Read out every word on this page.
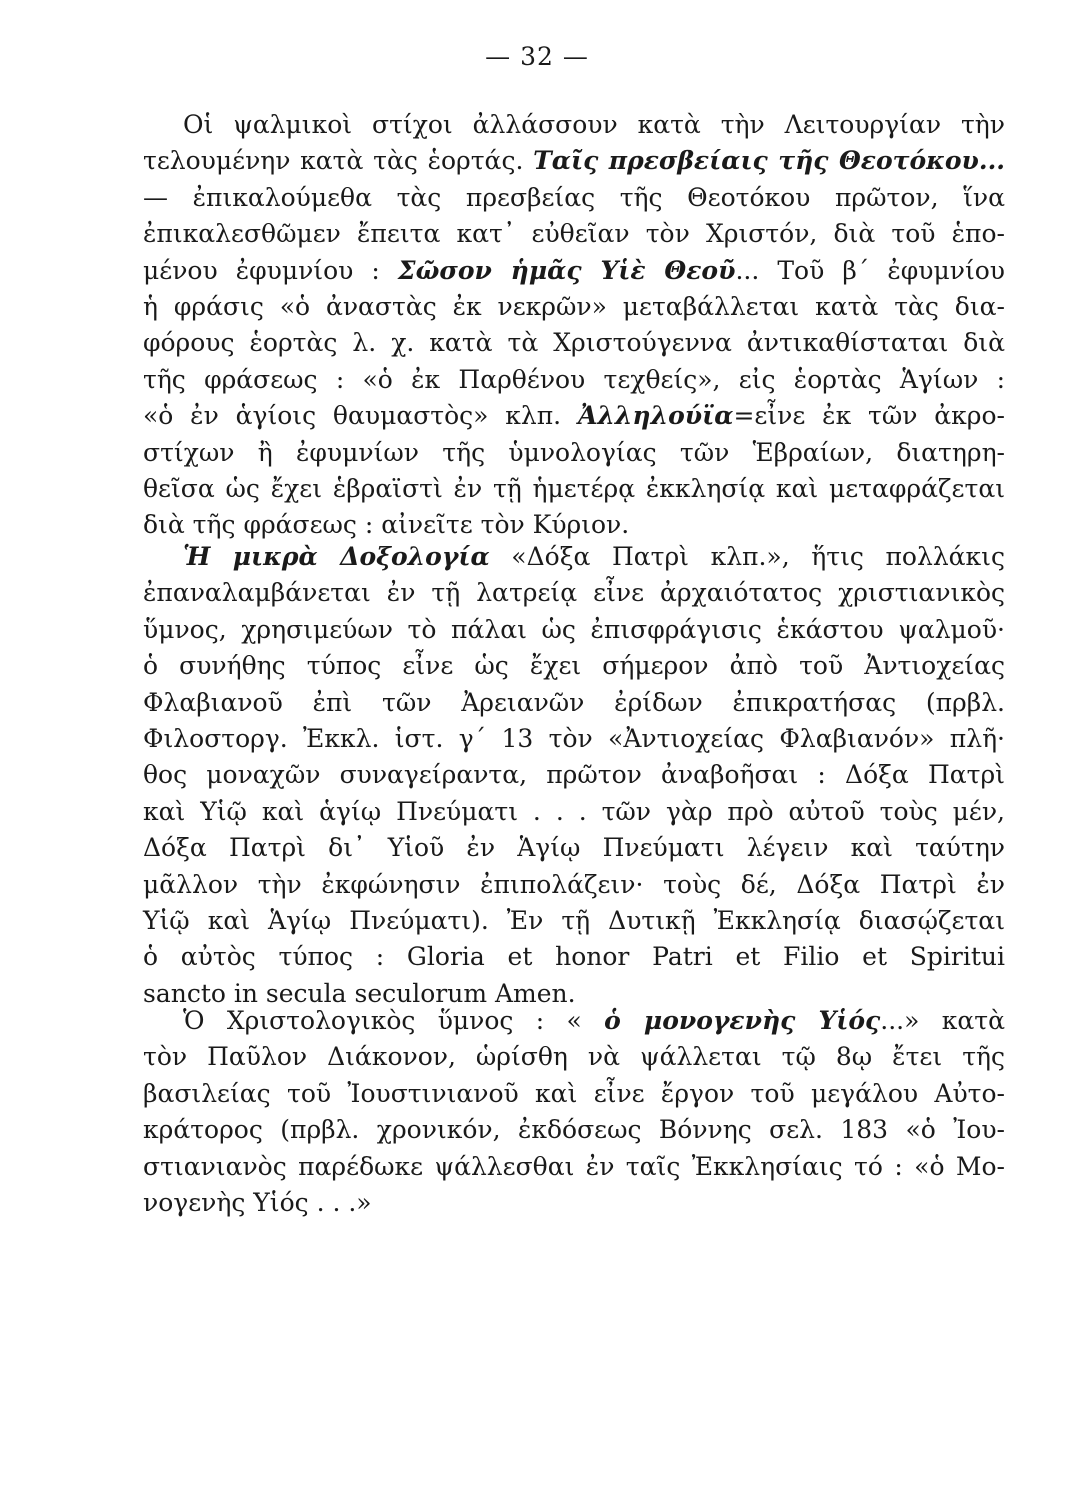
— 32 —
Οἱ ψαλμικοὶ στίχοι ἀλλάσσουν κατὰ τὴν Λειτουργίαν τὴν
τελουμένην κατὰ τὰς ἑορτάς. Ταῖς πρεσβείαις τῆς Θεοτόκου...
— ἐπικαλούμεθα τὰς πρεσβείας τῆς Θεοτόκου πρῶτον, ἵνα
ἐπικαλεσθῶμεν ἔπειτα κατ᾽ εὐθεῖαν τὸν Χριστόν, διὰ τοῦ ἑπο-
μένου ἐφυμνίου : Σῶσον ἡμᾶς Υἱὲ Θεοῦ... Τοῦ β΄ ἐφυμνίου
ἡ φράσις «ὁ ἀναστὰς ἐκ νεκρῶν» μεταβάλλεται κατὰ τὰς δια-
φόρους ἑορτὰς λ. χ. κατὰ τὰ Χριστούγεννα ἀντικαθίσταται διὰ
τῆς φράσεως : «ὁ ἐκ Παρθένου τεχθείς», εἰς ἑορτὰς Ἁγίων :
«ὁ ἐν ἁγίοις θαυμαστὸς» κλπ. Ἀλληλούϊα=εἶνε ἐκ τῶν ἀκρο-
στίχων ἢ ἐφυμνίων τῆς ὑμνολογίας τῶν Ἑβραίων, διατηρη-
θεῖσα ὡς ἔχει ἑβραϊστὶ ἐν τῇ ἡμετέρᾳ ἐκκλησίᾳ καὶ μεταφράζεται
διὰ τῆς φράσεως : αἰνεῖτε τὸν Κύριον.
Ἡ μικρὰ Δοξολογία «Δόξα Πατρὶ κλπ.», ἥτις πολλάκις
ἐπαναλαμβάνεται ἐν τῇ λατρείᾳ εἶνε ἀρχαιότατος χριστιανικὸς
ὕμνος, χρησιμεύων τὸ πάλαι ὡς ἐπισφράγισις ἑκάστου ψαλμοῦ·
ὁ συνήθης τύπος εἶνε ὡς ἔχει σήμερον ἀπὸ τοῦ Ἀντιοχείας
Φλαβιανοῦ ἐπὶ τῶν Ἀρειανῶν ἐρίδων ἐπικρατήσας (πρβλ.
Φιλοστοργ. Ἐκκλ. ἱστ. γ΄ 13 τὸν «Ἀντιοχείας Φλαβιανόν» πλῆ·
θος μοναχῶν συναγείραντα, πρῶτον ἀναβοῆσαι : Δόξα Πατρὶ
καὶ Υἱῷ καὶ ἁγίῳ Πνεύματι . . . τῶν γὰρ πρὸ αὐτοῦ τοὺς μέν,
Δόξα Πατρὶ δι᾽ Υἱοῦ ἐν Ἁγίῳ Πνεύματι λέγειν καὶ ταύτην
μᾶλλον τὴν ἐκφώνησιν ἐπιπολάζειν· τοὺς δέ, Δόξα Πατρὶ ἐν
Υἱῷ καὶ Ἁγίῳ Πνεύματι). Ἐν τῇ Δυτικῇ Ἐκκλησίᾳ διασῴζεται
ὁ αὐτὸς τύπος : Gloria et honor Patri et Filio et Spiritui
sancto in secula seculorum Amen.
Ὁ Χριστολογικὸς ὕμνος : « ὁ μονογενὴς Υἱός...» κατὰ
τὸν Παῦλον Διάκονον, ὡρίσθη νὰ ψάλλεται τῷ 8ῳ ἔτει τῆς
βασιλείας τοῦ Ἰουστινιανοῦ καὶ εἶνε ἔργον τοῦ μεγάλου Αὐτο-
κράτορος (πρβλ. χρονικόν, ἐκδόσεως Βόννης σελ. 183 «ὁ Ἰου-
στιανιανὸς παρέδωκε ψάλλεσθαι ἐν ταῖς Ἐκκλησίαις τό : «ὁ Μο-
νογενὴς Υἱός . . .»
